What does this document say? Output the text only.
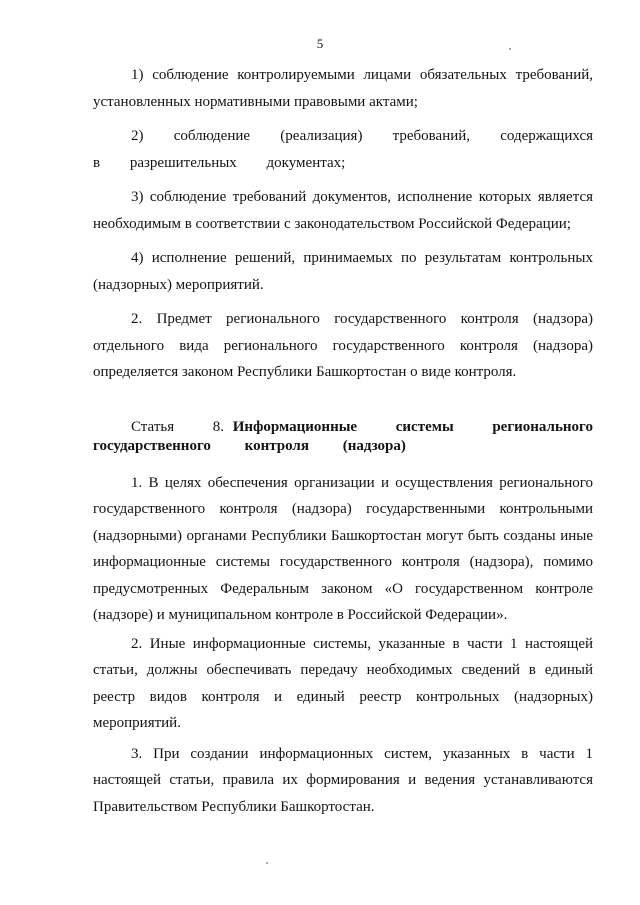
5

1) соблюдение контролируемыми лицами обязательных требований, установленных нормативными правовыми актами;

2) соблюдение (реализация) требований, содержащихся в разрешительных документах;

3) соблюдение требований документов, исполнение которых является необходимым в соответствии с законодательством Российской Федерации;

4) исполнение решений, принимаемых по результатам контрольных (надзорных) мероприятий.

2. Предмет регионального государственного контроля (надзора) отдельного вида регионального государственного контроля (надзора) определяется законом Республики Башкортостан о виде контроля.

Статья 8. Информационные системы регионального государственного контроля (надзора)

1. В целях обеспечения организации и осуществления регионального государственного контроля (надзора) государственными контрольными (надзорными) органами Республики Башкортостан могут быть созданы иные информационные системы государственного контроля (надзора), помимо предусмотренных Федеральным законом «О государственном контроле (надзоре) и муниципальном контроле в Российской Федерации».

2. Иные информационные системы, указанные в части 1 настоящей статьи, должны обеспечивать передачу необходимых сведений в единый реестр видов контроля и единый реестр контрольных (надзорных) мероприятий.

3. При создании информационных систем, указанных в части 1 настоящей статьи, правила их формирования и ведения устанавливаются Правительством Республики Башкортостан.
